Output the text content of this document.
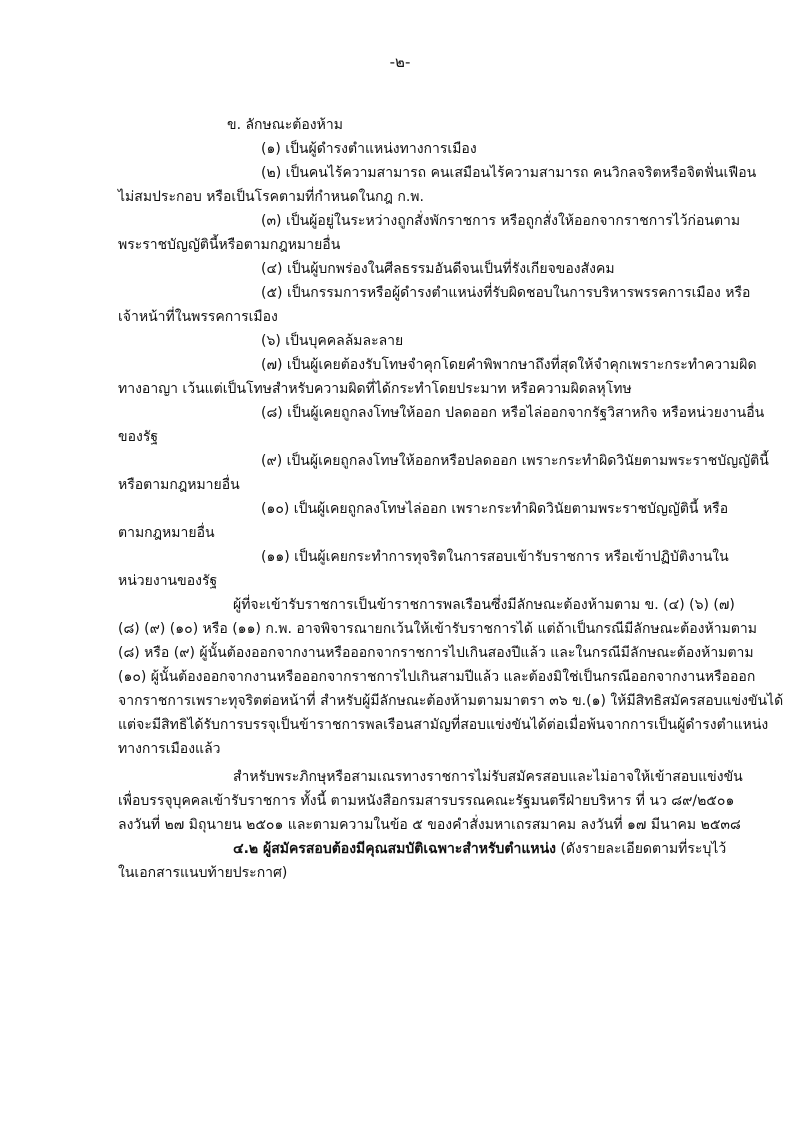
-๒-
ข. ลักษณะต้องห้าม
(๑) เป็นผู้ดำรงตำแหน่งทางการเมือง
(๒) เป็นคนไร้ความสามารถ คนเสมือนไร้ความสามารถ คนวิกลจริตหรือจิตฟั่นเฟือน
ไม่สมประกอบ หรือเป็นโรคตามที่กำหนดในกฎ ก.พ.
(๓) เป็นผู้อยู่ในระหว่างถูกสั่งพักราชการ หรือถูกสั่งให้ออกจากราชการไว้ก่อนตาม
พระราชบัญญัตินี้หรือตามกฎหมายอื่น
(๔) เป็นผู้บกพร่องในศีลธรรมอันดีจนเป็นที่รังเกียจของสังคม
(๕) เป็นกรรมการหรือผู้ดำรงตำแหน่งที่รับผิดชอบในการบริหารพรรคการเมือง หรือ
เจ้าหน้าที่ในพรรคการเมือง
(๖) เป็นบุคคลล้มละลาย
(๗) เป็นผู้เคยต้องรับโทษจำคุกโดยคำพิพากษาถึงที่สุดให้จำคุกเพราะกระทำความผิด
ทางอาญา เว้นแต่เป็นโทษสำหรับความผิดที่ได้กระทำโดยประมาท หรือความผิดลหุโทษ
(๘) เป็นผู้เคยถูกลงโทษให้ออก ปลดออก หรือไล่ออกจากรัฐวิสาหกิจ หรือหน่วยงานอื่น
ของรัฐ
(๙) เป็นผู้เคยถูกลงโทษให้ออกหรือปลดออก เพราะกระทำผิดวินัยตามพระราชบัญญัตินี้
หรือตามกฎหมายอื่น
(๑๐) เป็นผู้เคยถูกลงโทษไล่ออก เพราะกระทำผิดวินัยตามพระราชบัญญัตินี้ หรือ
ตามกฎหมายอื่น
(๑๑) เป็นผู้เคยกระทำการทุจริตในการสอบเข้ารับราชการ หรือเข้าปฏิบัติงานใน
หน่วยงานของรัฐ
ผู้ที่จะเข้ารับราชการเป็นข้าราชการพลเรือนซึ่งมีลักษณะต้องห้ามตาม ข. (๔) (๖) (๗)
(๘) (๙) (๑๐) หรือ (๑๑) ก.พ. อาจพิจารณายกเว้นให้เข้ารับราชการได้ แต่ถ้าเป็นกรณีมีลักษณะต้องห้ามตาม
(๘) หรือ (๙) ผู้นั้นต้องออกจากงานหรือออกจากราชการไปเกินสองปีแล้ว และในกรณีมีลักษณะต้องห้ามตาม
(๑๐) ผู้นั้นต้องออกจากงานหรือออกจากราชการไปเกินสามปีแล้ว และต้องมิใช่เป็นกรณีออกจากงานหรือออก
จากราชการเพราะทุจริตต่อหน้าที่ สำหรับผู้มีลักษณะต้องห้ามตามมาตรา ๓๖ ข.(๑) ให้มีสิทธิสมัครสอบแข่งขันได้
แต่จะมีสิทธิได้รับการบรรจุเป็นข้าราชการพลเรือนสามัญที่สอบแข่งขันได้ต่อเมื่อพ้นจากการเป็นผู้ดำรงตำแหน่ง
ทางการเมืองแล้ว
สำหรับพระภิกษุหรือสามเณรทางราชการไม่รับสมัครสอบและไม่อาจให้เข้าสอบแข่งขัน
เพื่อบรรจุบุคคลเข้ารับราชการ ทั้งนี้ ตามหนังสือกรมสารบรรณคณะรัฐมนตรีฝ่ายบริหาร ที่ นว ๘๙/๒๕๐๑
ลงวันที่ ๒๗ มิถุนายน ๒๕๐๑ และตามความในข้อ ๕ ของคำสั่งมหาเถรสมาคม ลงวันที่ ๑๗ มีนาคม ๒๕๓๘
๔.๒ ผู้สมัครสอบต้องมีคุณสมบัติเฉพาะสำหรับตำแหน่ง (ดังรายละเอียดตามที่ระบุไว้
ในเอกสารแนบท้ายประกาศ)
